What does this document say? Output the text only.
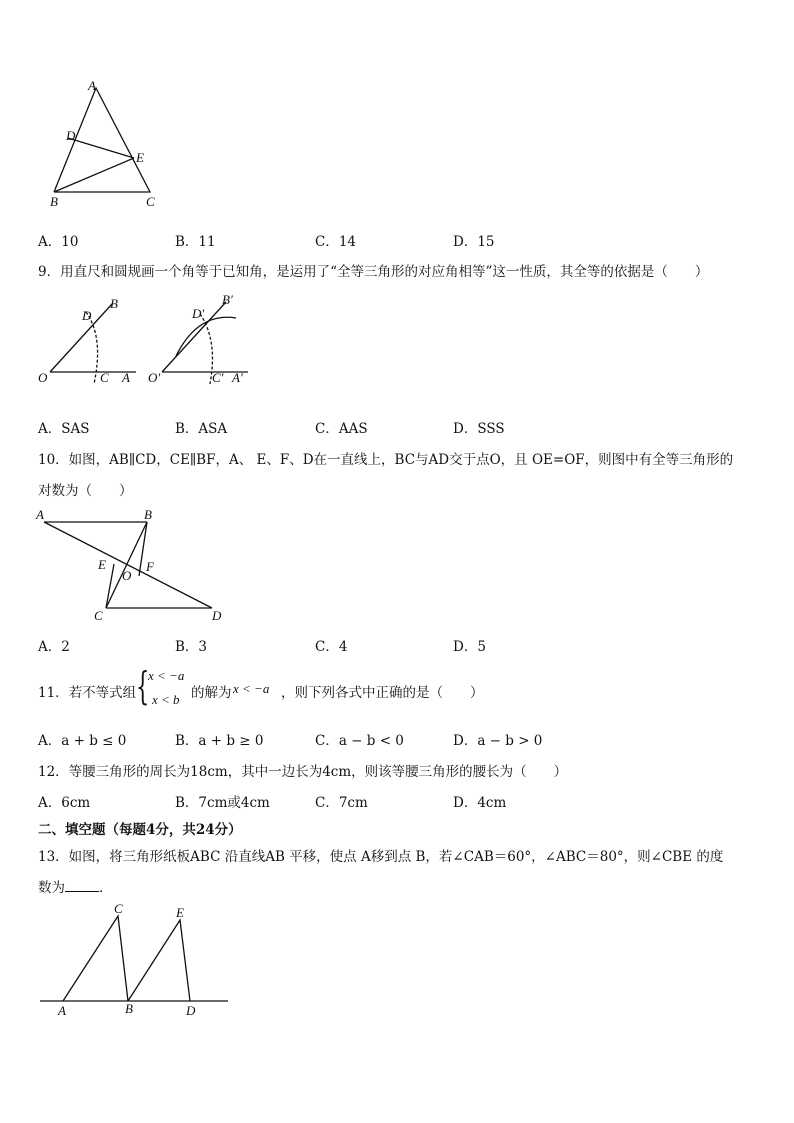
A
D
E
B	C
A．10	B．11	C．14	D．15
9．用直尺和圆规画一个角等于已知角，是运用了“全等三角形的对应角相等”这一性质，其全等的依据是（　　）
O	C A
D
B
O′	C′ A′
D′
B′
A．SAS	B．ASA	C．AAS	D．SSS
10．如图，AB∥CD，CE∥BF，A、 E、F、D在一直线上，BC与AD交于点O，且 OE=OF，则图中有全等三角形的
对数为（　　）
A	B
E
O
F
C	D
A．2	B．3	C．4	D．5
11．若不等式组 {
x < −a
x < b 的解为 x < −a ，则下列各式中正确的是（　　）
A．a + b ≤ 0	B．a + b ≥ 0	C．a − b < 0	D．a − b > 0
12．等腰三角形的周长为18cm，其中一边长为4cm，则该等腰三角形的腰长为（　　）
A．6cm	B．7cm或4cm	C．7cm	D．4cm
二、填空题（每题4分，共24分）
13．如图，将三角形纸板ABC 沿直线AB 平移，使点 A移到点 B，若∠CAB＝60°，∠ABC＝80°，则∠CBE 的度
数为	．
C	E
A	B	D
